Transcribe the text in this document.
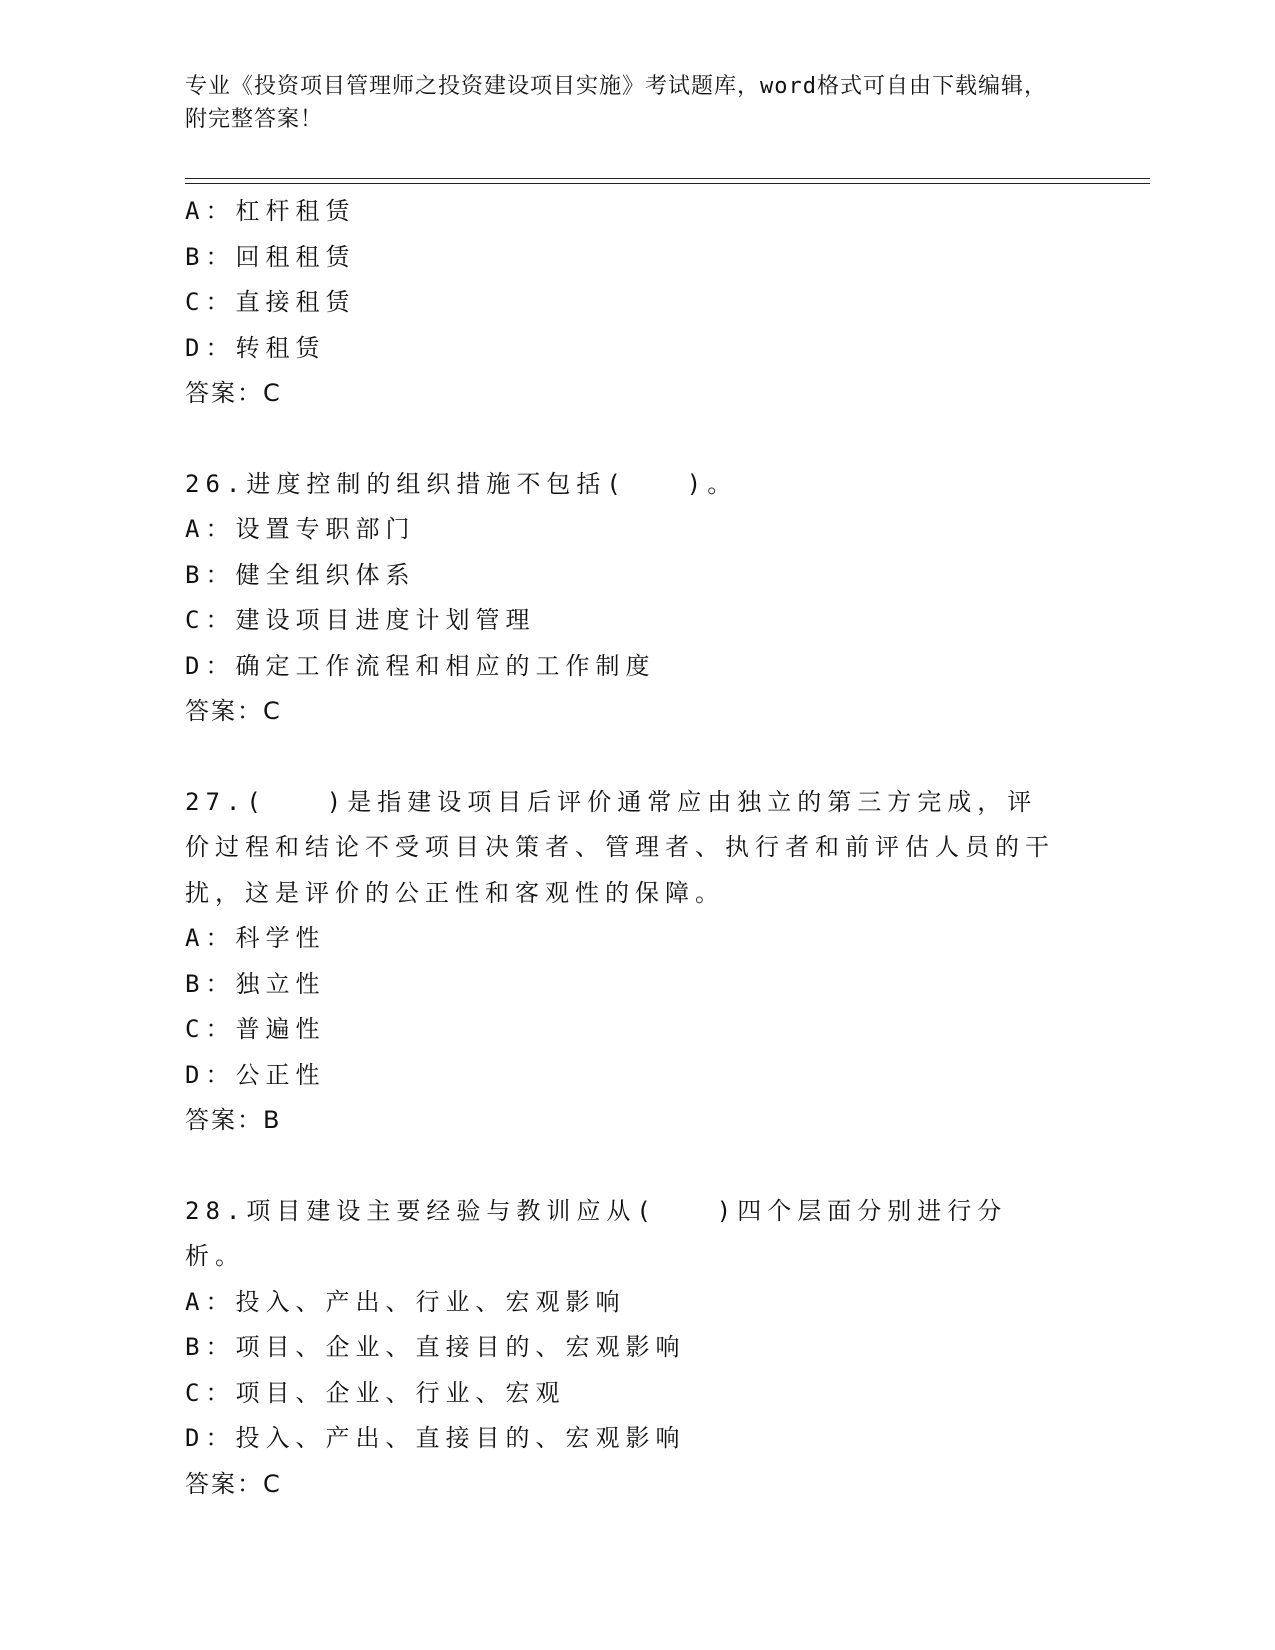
专业《投资项目管理师之投资建设项目实施》考试题库，word格式可自由下载编辑，附完整答案！
A：杠杆租赁
B：回租租赁
C：直接租赁
D：转租赁
答案：C
26.进度控制的组织措施不包括(　　)。
A：设置专职部门
B：健全组织体系
C：建设项目进度计划管理
D：确定工作流程和相应的工作制度
答案：C
27.(　　)是指建设项目后评价通常应由独立的第三方完成，评价过程和结论不受项目决策者、管理者、执行者和前评估人员的干扰，这是评价的公正性和客观性的保障。
A：科学性
B：独立性
C：普遍性
D：公正性
答案：B
28.项目建设主要经验与教训应从(　　)四个层面分别进行分析。
A：投入、产出、行业、宏观影响
B：项目、企业、直接目的、宏观影响
C：项目、企业、行业、宏观
D：投入、产出、直接目的、宏观影响
答案：C
